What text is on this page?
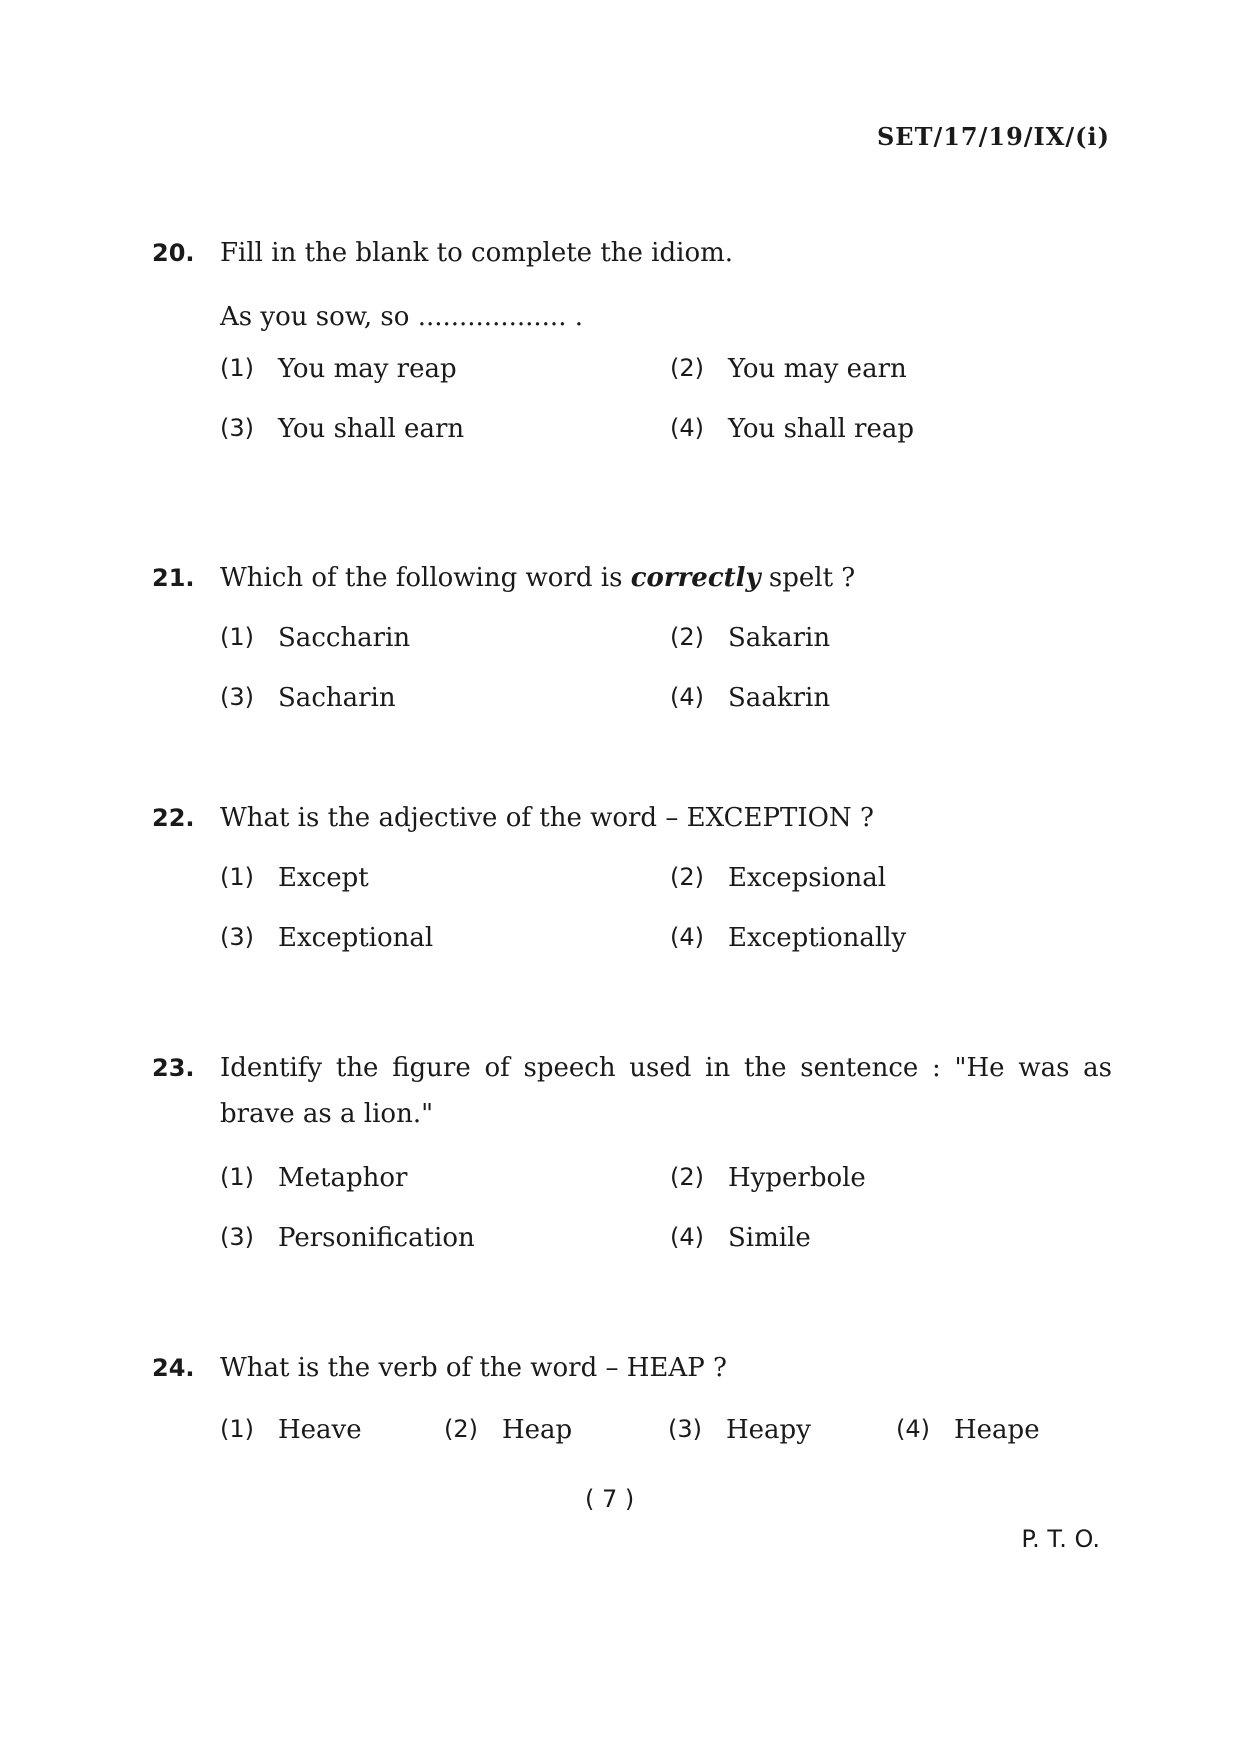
SET/17/19/IX/(i)
20. Fill in the blank to complete the idiom.
As you sow, so .................. .
(1) You may reap	(2) You may earn
(3) You shall earn	(4) You shall reap
21. Which of the following word is correctly spelt ?
(1) Saccharin	(2) Sakarin
(3) Sacharin	(4) Saakrin
22. What is the adjective of the word – EXCEPTION ?
(1) Except	(2) Excepsional
(3) Exceptional	(4) Exceptionally
23. Identify the figure of speech used in the sentence : "He was as brave as a lion."
(1) Metaphor	(2) Hyperbole
(3) Personification	(4) Simile
24. What is the verb of the word – HEAP ?
(1) Heave	(2) Heap	(3) Heapy	(4) Heape
( 7 )
P. T. O.
